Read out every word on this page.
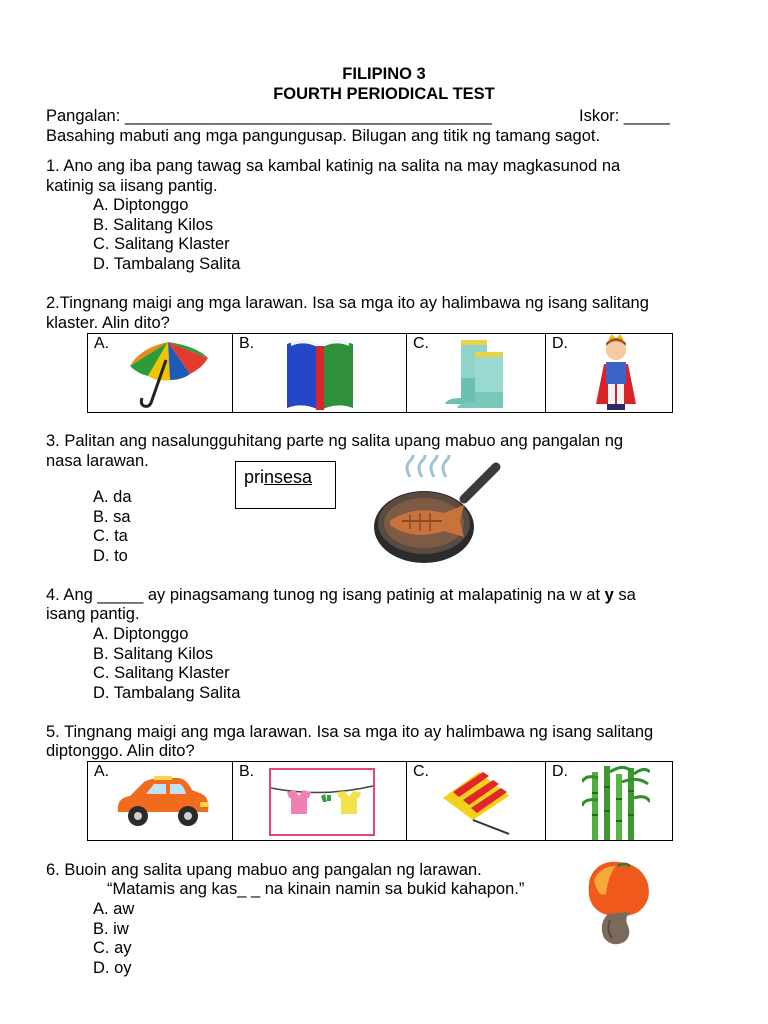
FILIPINO 3
FOURTH PERIODICAL TEST
Pangalan: ________________________________________	Iskor: _____
Basahing mabuti ang mga pangungusap. Bilugan ang titik ng tamang sagot.
1. Ano ang iba pang tawag sa kambal katinig na salita na may magkasunod na
katinig sa iisang pantig.
A. Diptonggo
B. Salitang Kilos
C. Salitang Klaster
D. Tambalang Salita
2.Tingnang maigi ang mga larawan. Isa sa mga ito ay halimbawa ng isang salitang
klaster. Alin dito?
A.	B.	C.	D.
3. Palitan ang nasalungguhitang parte ng salita upang mabuo ang pangalan ng
nasa larawan.
prinsesa
A. da
B. sa
C. ta
D. to
4. Ang _____ ay pinagsamang tunog ng isang patinig at malapatinig na w at y sa
isang pantig.
A. Diptonggo
B. Salitang Kilos
C. Salitang Klaster
D. Tambalang Salita
5. Tingnang maigi ang mga larawan. Isa sa mga ito ay halimbawa ng isang salitang
diptonggo. Alin dito?
A.	B.	C.	D.
6. Buoin ang salita upang mabuo ang pangalan ng larawan.
“Matamis ang kas_ _ na kinain namin sa bukid kahapon.”
A. aw
B. iw
C. ay
D. oy
